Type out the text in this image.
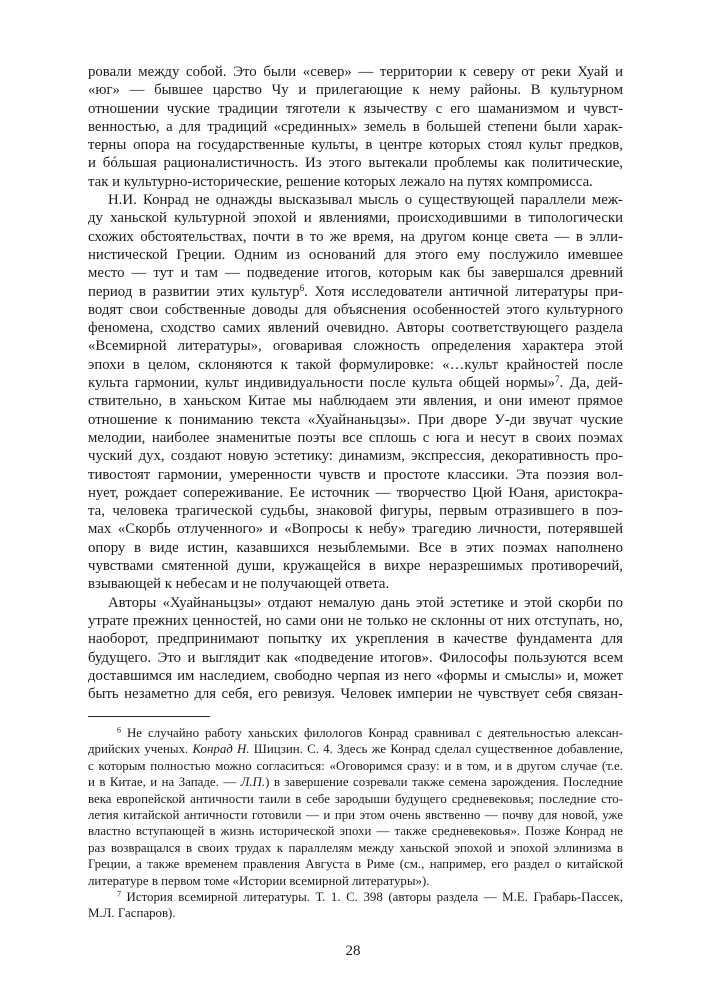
ровали между собой. Это были «север» — территории к северу от реки Хуай и
«юг» — бывшее царство Чу и прилегающие к нему районы. В культурном
отношении чуские традиции тяготели к язычеству с его шаманизмом и чувст-
венностью, а для традиций «срединных» земель в большей степени были харак-
терны опора на государственные культы, в центре которых стоял культ предков,
и бóльшая рационалистичность. Из этого вытекали проблемы как политические,
так и культурно-исторические, решение которых лежало на путях компромисса.
Н.И. Конрад не однажды высказывал мысль о существующей параллели меж-
ду ханьской культурной эпохой и явлениями, происходившими в типологически
схожих обстоятельствах, почти в то же время, на другом конце света — в элли-
нистической Греции. Одним из оснований для этого ему послужило имевшее
место — тут и там — подведение итогов, которым как бы завершался древний
период в развитии этих культур$^6$. Хотя исследователи античной литературы при-
водят свои собственные доводы для объяснения особенностей этого культурного
феномена, сходство самих явлений очевидно. Авторы соответствующего раздела
«Всемирной литературы», оговаривая сложность определения характера этой
эпохи в целом, склоняются к такой формулировке: «…культ крайностей после
культа гармонии, культ индивидуальности после культа общей нормы»$^7$. Да, дей-
ствительно, в ханьском Китае мы наблюдаем эти явления, и они имеют прямое
отношение к пониманию текста «Хуайнаньцзы». При дворе У-ди звучат чуские
мелодии, наиболее знаменитые поэты все сплошь с юга и несут в своих поэмах
чуский дух, создают новую эстетику: динамизм, экспрессия, декоративность про-
тивостоят гармонии, умеренности чувств и простоте классики. Эта поэзия вол-
нует, рождает сопереживание. Ее источник — творчество Цюй Юаня, аристокра-
та, человека трагической судьбы, знаковой фигуры, первым отразившего в поэ-
мах «Скорбь отлученного» и «Вопросы к небу» трагедию личности, потерявшей
опору в виде истин, казавшихся незыблемыми. Все в этих поэмах наполнено
чувствами смятенной души, кружащейся в вихре неразрешимых противоречий,
взывающей к небесам и не получающей ответа.
Авторы «Хуайнаньцзы» отдают немалую дань этой эстетике и этой скорби по
утрате прежних ценностей, но сами они не только не склонны от них отступать, но,
наоборот, предпринимают попытку их укрепления в качестве фундамента для
будущего. Это и выглядит как «подведение итогов». Философы пользуются всем
доставшимся им наследием, свободно черпая из него «формы и смыслы» и, может
быть незаметно для себя, его ревизуя. Человек империи не чувствует себя связан-
$^6$ Не случайно работу ханьских филологов Конрад сравнивал с деятельностью алексан-
дрийских ученых. Конрад Н. Шицзин. С. 4. Здесь же Конрад сделал существенное добавление,
с которым полностью можно согласиться: «Оговоримся сразу: и в том, и в другом случае (т.е.
и в Китае, и на Западе. — Л.П.) в завершение созревали также семена зарождения. Последние
века европейской античности таили в себе зародыши будущего средневековья; последние сто-
летия китайской античности готовили — и при этом очень явственно — почву для новой, уже
властно вступающей в жизнь исторической эпохи — также средневековья». Позже Конрад не
раз возвращался в своих трудах к параллелям между ханьской эпохой и эпохой эллинизма в
Греции, а также временем правления Августа в Риме (см., например, его раздел о китайской
литературе в первом томе «Истории всемирной литературы»).
$^7$ История всемирной литературы. Т. 1. С. 398 (авторы раздела — М.Е. Грабарь-Пассек,
М.Л. Гаспаров).
28
